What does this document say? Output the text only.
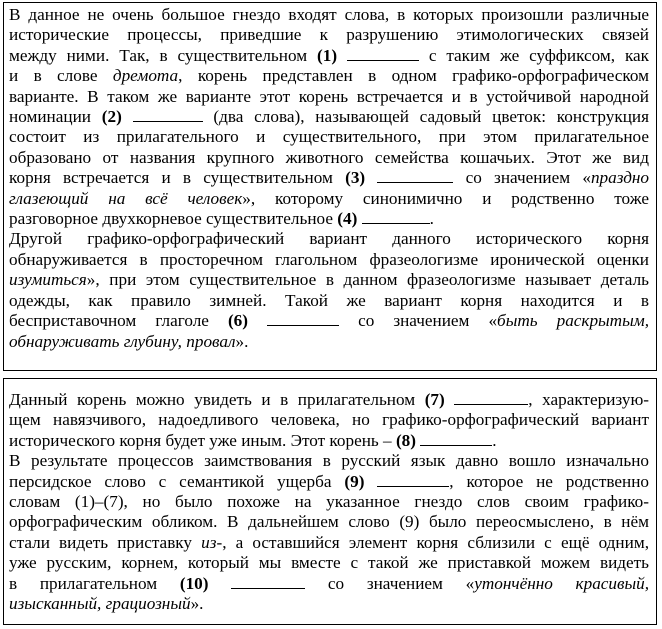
В данное не очень большое гнездо входят слова, в которых произошли различные
исторические процессы, приведшие к разрушению этимологических связей
между ними. Так, в существительном (1)	с таким же суффиксом, как
и в слове дремота, корень представлен в одном графико-орфографическом
варианте. В таком же варианте этот корень встречается и в устойчивой народной
номинации (2)	(два слова), называющей садовый цветок: конструкция
состоит из прилагательного и существительного, при этом прилагательное
образовано от названия крупного животного семейства кошачьих. Этот же вид
корня встречается и в существительном (3)	со значением «праздно
глазеющий на всё человек», которому синонимично и родственно тоже
разговорное двухкорневое существительное (4)	.
Другой графико-орфографический вариант данного исторического корня
обнаруживается в просторечном глагольном фразеологизме иронической оценки
изумиться», при этом существительное в данном фразеологизме называет деталь
одежды, как правило зимней. Такой же вариант корня находится и в
бесприставочном глаголе (6)	со значением «быть раскрытым,
обнаруживать глубину, провал».
Данный корень можно увидеть и в прилагательном (7)	, характеризую-
щем навязчивого, надоедливого человека, но графико-орфографический вариант
исторического корня будет уже иным. Этот корень – (8)	.
В результате процессов заимствования в русский язык давно вошло изначально
персидское слово с семантикой ущерба (9)	, которое не родственно
словам (1)–(7), но было похоже на указанное гнездо слов своим графико-
орфографическим обликом. В дальнейшем слово (9) было переосмыслено, в нём
стали видеть приставку из-, а оставшийся элемент корня сблизили с ещё одним,
уже русским, корнем, который мы вместе с такой же приставкой можем видеть
в прилагательном (10)	со значением «утончённо красивый,
изысканный, грациозный».
